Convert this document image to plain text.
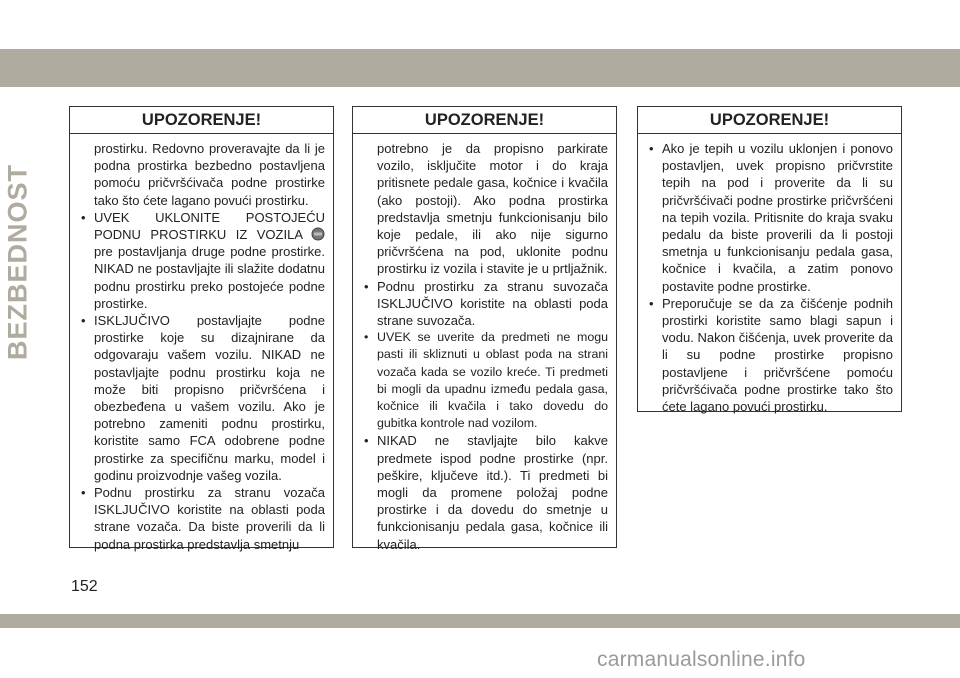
BEZBEDNOST
UPOZORENJE!

prostirku. Redovno proveravajte da li je podna prostirka bezbedno postavljena pomoću pričvršćivača podne prostirke tako što ćete lagano povući prostirku.

• UVEK UKLONITE POSTOJEĆU PODNU PROSTIRKU IZ VOZILA pre postavljanja druge podne prostirke. NIKAD ne postavljajte ili slažite dodatnu podnu prostirku preko postojeće podne prostirke.
• ISKLJUČIVO postavljajte podne prostirke koje su dizajnirane da odgovaraju vašem vozilu. NIKAD ne postavljajte podnu prostirku koja ne može biti propisno pričvršćena i obezbeđena u vašem vozilu. Ako je potrebno zameniti podnu prostirku, koristite samo FCA odobrene podne prostirke za specifičnu marku, model i godinu proizvodnje vašeg vozila.
• Podnu prostirku za stranu vozača ISKLJUČIVO koristite na oblasti poda strane vozača. Da biste proverili da li podna prostirka predstavlja smetnju
UPOZORENJE!

potrebno je da propisno parkirate vozilo, isključite motor i do kraja pritisnete pedale gasa, kočnice i kvačila (ako postoji). Ako podna prostirka predstavlja smetnju funkcionisanju bilo koje pedale, ili ako nije sigurno pričvršćena na pod, uklonite podnu prostirku iz vozila i stavite je u prtljažnik.

• Podnu prostirku za stranu suvozača ISKLJUČIVO koristite na oblasti poda strane suvozača.
• UVEK se uverite da predmeti ne mogu pasti ili skliznuti u oblast poda na strani vozača kada se vozilo kreće. Ti predmeti bi mogli da upadnu između pedala gasa, kočnice ili kvačila i tako dovedu do gubitka kontrole nad vozilom.
• NIKAD ne stavljajte bilo kakve predmete ispod podne prostirke (npr. peškire, ključeve itd.). Ti predmeti bi mogli da promene položaj podne prostirke i da dovedu do smetnje u funkcionisanju pedala gasa, kočnice ili kvačila.
UPOZORENJE!
• Ako je tepih u vozilu uklonjen i ponovo postavljen, uvek propisno pričvrstite tepih na pod i proverite da li su pričvršćivači podne prostirke pričvršćeni na tepih vozila. Pritisnite do kraja svaku pedalu da biste proverili da li postoji smetnja u funkcionisanju pedala gasa, kočnice i kvačila, a zatim ponovo postavite podne prostirke.
• Preporučuje se da za čišćenje podnih prostirki koristite samo blagi sapun i vodu. Nakon čišćenja, uvek proverite da li su podne prostirke propisno postavljene i pričvršćene pomoću pričvršćivača podne prostirke tako što ćete lagano povući prostirku.
152
carmanualsonline.info
